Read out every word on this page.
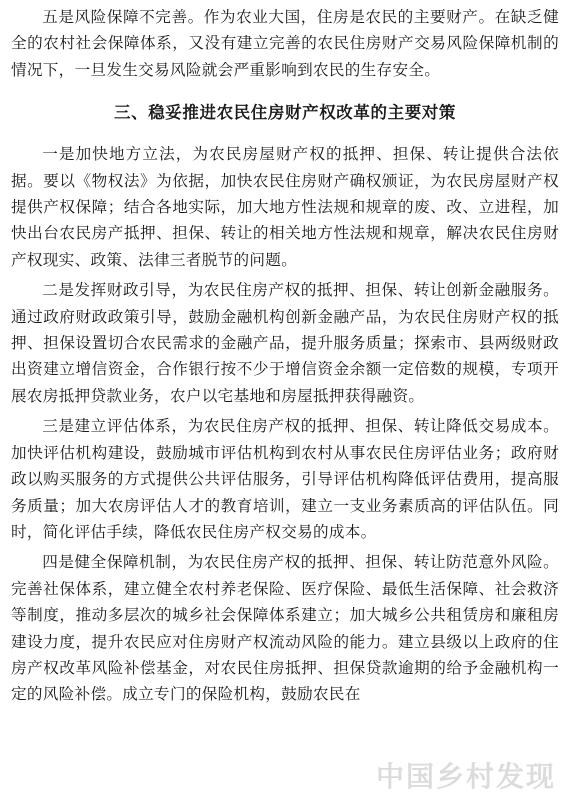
五是风险保障不完善。作为农业大国，住房是农民的主要财产。在缺乏健全的农村社会保障体系，又没有建立完善的农民住房财产交易风险保障机制的情况下，一旦发生交易风险就会严重影响到农民的生存安全。

三、稳妥推进农民住房财产权改革的主要对策

一是加快地方立法，为农民房屋财产权的抵押、担保、转让提供合法依据。要以《物权法》为依据，加快农民住房财产确权颁证，为农民房屋财产权提供产权保障；结合各地实际，加大地方性法规和规章的废、改、立进程，加快出台农民房产抵押、担保、转让的相关地方性法规和规章，解决农民住房财产权现实、政策、法律三者脱节的问题。

二是发挥财政引导，为农民住房产权的抵押、担保、转让创新金融服务。通过政府财政政策引导，鼓励金融机构创新金融产品，为农民住房财产权的抵押、担保设置切合农民需求的金融产品，提升服务质量；探索市、县两级财政出资建立增信资金，合作银行按不少于增信资金余额一定倍数的规模，专项开展农房抵押贷款业务，农户以宅基地和房屋抵押获得融资。

三是建立评估体系，为农民住房产权的抵押、担保、转让降低交易成本。加快评估机构建设，鼓励城市评估机构到农村从事农民住房评估业务；政府财政以购买服务的方式提供公共评估服务，引导评估机构降低评估费用，提高服务质量；加大农房评估人才的教育培训，建立一支业务素质高的评估队伍。同时，简化评估手续，降低农民住房产权交易的成本。

四是健全保障机制，为农民住房产权的抵押、担保、转让防范意外风险。完善社保体系，建立健全农村养老保险、医疗保险、最低生活保障、社会救济等制度，推动多层次的城乡社会保障体系建立；加大城乡公共租赁房和廉租房建设力度，提升农民应对住房财产权流动风险的能力。建立县级以上政府的住房产权改革风险补偿基金，对农民住房抵押、担保贷款逾期的给予金融机构一定的风险补偿。成立专门的保险机构，鼓励农民在

中国乡村发现
